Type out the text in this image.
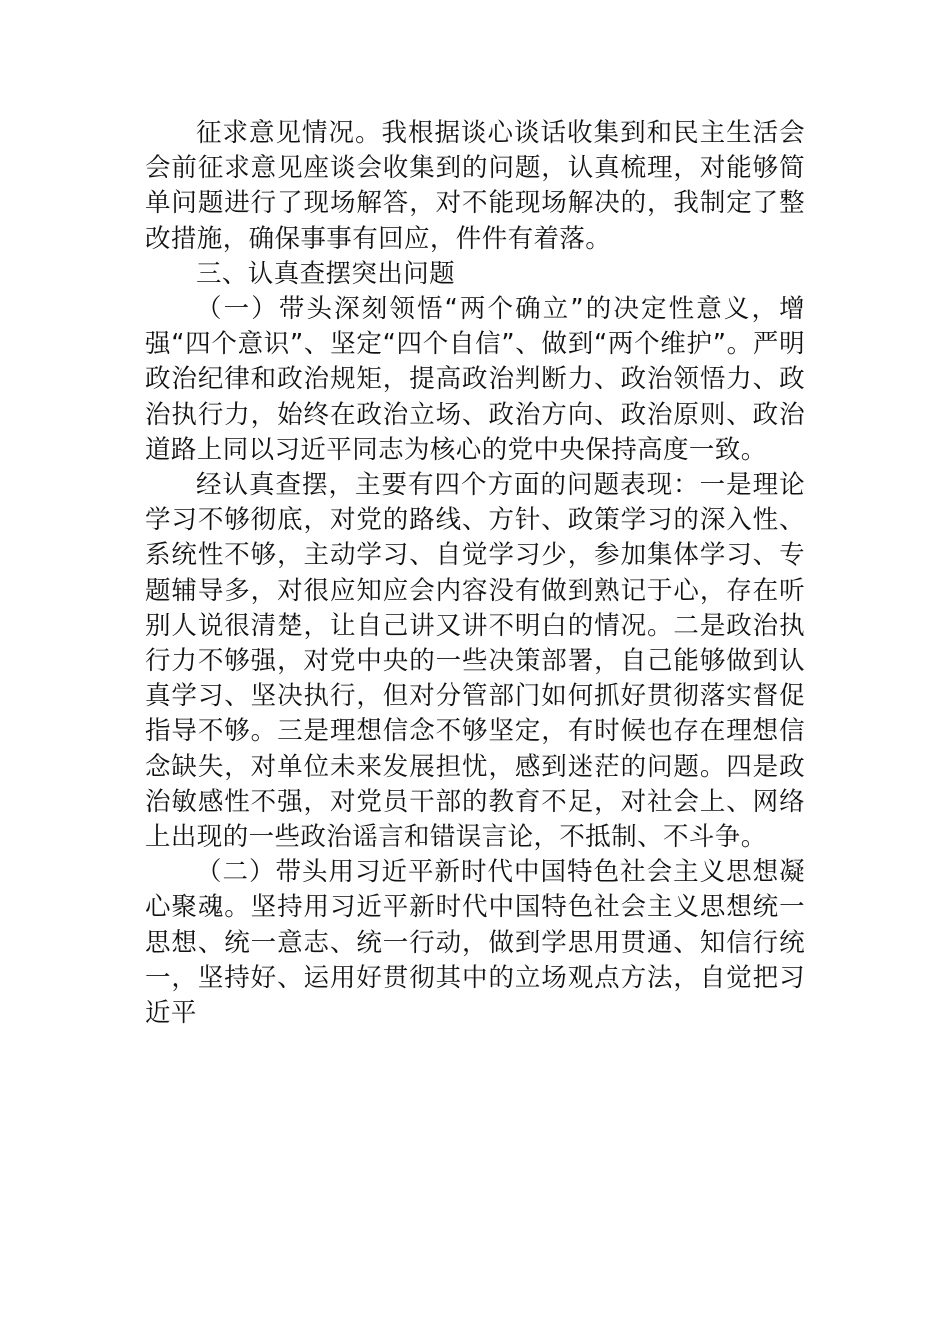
征求意见情况。我根据谈心谈话收集到和民主生活会会前征求意见座谈会收集到的问题，认真梳理，对能够简单问题进行了现场解答，对不能现场解决的，我制定了整改措施，确保事事有回应，件件有着落。

三、认真查摆突出问题

（一）带头深刻领悟“两个确立”的决定性意义，增强“四个意识”、坚定“四个自信”、做到“两个维护”。严明政治纪律和政治规矩，提高政治判断力、政治领悟力、政治执行力，始终在政治立场、政治方向、政治原则、政治道路上同以习近平同志为核心的党中央保持高度一致。

经认真查摆，主要有四个方面的问题表现：一是理论学习不够彻底，对党的路线、方针、政策学习的深入性、系统性不够，主动学习、自觉学习少，参加集体学习、专题辅导多，对很应知应会内容没有做到熟记于心，存在听别人说很清楚，让自己讲又讲不明白的情况。二是政治执行力不够强，对党中央的一些决策部署，自己能够做到认真学习、坚决执行，但对分管部门如何抓好贯彻落实督促指导不够。三是理想信念不够坚定，有时候也存在理想信念缺失，对单位未来发展担忧，感到迷茫的问题。四是政治敏感性不强，对党员干部的教育不足，对社会上、网络上出现的一些政治谣言和错误言论，不抵制、不斗争。

（二）带头用习近平新时代中国特色社会主义思想凝心聚魂。坚持用习近平新时代中国特色社会主义思想统一思想、统一意志、统一行动，做到学思用贯通、知信行统一，坚持好、运用好贯彻其中的立场观点方法，自觉把习近平
